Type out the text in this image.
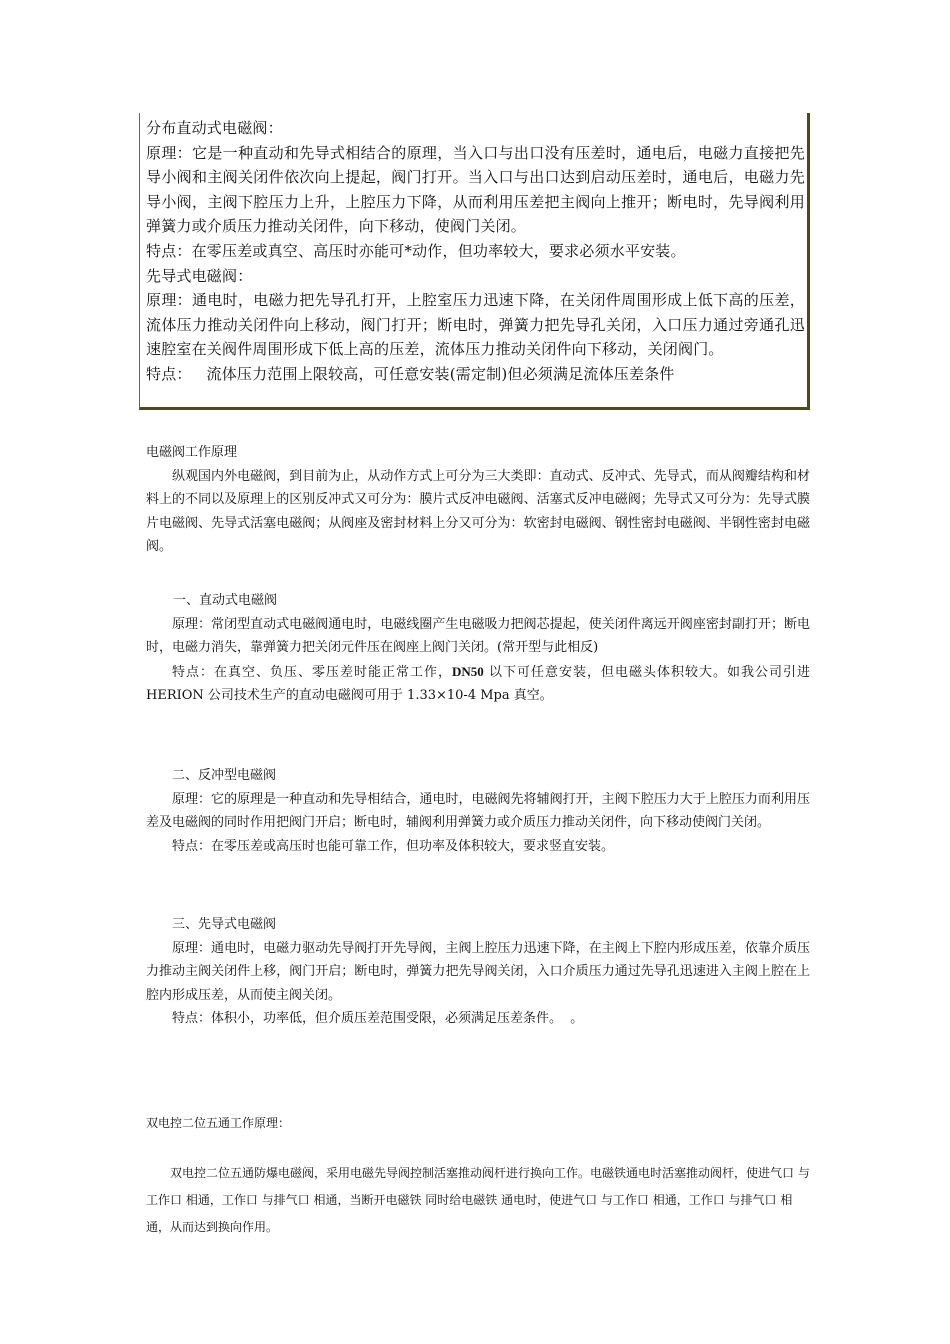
分布直动式电磁阀：

原理：它是一种直动和先导式相结合的原理，当入口与出口没有压差时，通电后，电磁力直接把先导小阀和主阀关闭件依次向上提起，阀门打开。当入口与出口达到启动压差时，通电后，电磁力先导小阀，主阀下腔压力上升，上腔压力下降，从而利用压差把主阀向上推开；断电时，先导阀利用弹簧力或介质压力推动关闭件，向下移动，使阀门关闭。

特点：在零压差或真空、高压时亦能可*动作，但功率较大，要求必须水平安装。

先导式电磁阀：

原理：通电时，电磁力把先导孔打开，上腔室压力迅速下降，在关闭件周围形成上低下高的压差，流体压力推动关闭件向上移动，阀门打开；断电时，弹簧力把先导孔关闭，入口压力通过旁通孔迅速腔室在关阀件周围形成下低上高的压差，流体压力推动关闭件向下移动，关闭阀门。

特点：   流体压力范围上限较高，可任意安装(需定制)但必须满足流体压差条件

电磁阀工作原理

纵观国内外电磁阀，到目前为止，从动作方式上可分为三大类即：直动式、反冲式、先导式，而从阀瓣结构和材料上的不同以及原理上的区别反冲式又可分为：膜片式反冲电磁阀、活塞式反冲电磁阀；先导式又可分为：先导式膜片电磁阀、先导式活塞电磁阀；从阀座及密封材料上分又可分为：软密封电磁阀、钢性密封电磁阀、半钢性密封电磁阀。

一、直动式电磁阀

原理：常闭型直动式电磁阀通电时，电磁线圈产生电磁吸力把阀芯提起，使关闭件离远开阀座密封副打开；断电时，电磁力消失，靠弹簧力把关闭元件压在阀座上阀门关闭。(常开型与此相反)

特点：在真空、负压、零压差时能正常工作，DN50 以下可任意安装，但电磁头体积较大。如我公司引进 HERION 公司技术生产的直动电磁阀可用于 1.33×10-4 Mpa 真空。

二、反冲型电磁阀

原理：它的原理是一种直动和先导相结合，通电时，电磁阀先将辅阀打开，主阀下腔压力大于上腔压力而利用压差及电磁阀的同时作用把阀门开启；断电时，辅阀利用弹簧力或介质压力推动关闭件，向下移动使阀门关闭。

特点：在零压差或高压时也能可靠工作，但功率及体积较大，要求竖直安装。

三、先导式电磁阀

原理：通电时，电磁力驱动先导阀打开先导阀，主阀上腔压力迅速下降，在主阀上下腔内形成压差，依靠介质压力推动主阀关闭件上移，阀门开启；断电时，弹簧力把先导阀关闭，入口介质压力通过先导孔迅速进入主阀上腔在上腔内形成压差，从而使主阀关闭。

特点：体积小，功率低，但介质压差范围受限，必须满足压差条件。  。

双电控二位五通工作原理：

双电控二位五通防爆电磁阀，采用电磁先导阀控制活塞推动阀杆进行换向工作。电磁铁通电时活塞推动阀杆，使进气口 与工作口 相通，工作口 与排气口 相通，当断开电磁铁 同时给电磁铁 通电时，使进气口 与工作口 相通，工作口 与排气口 相通，从而达到换向作用。
